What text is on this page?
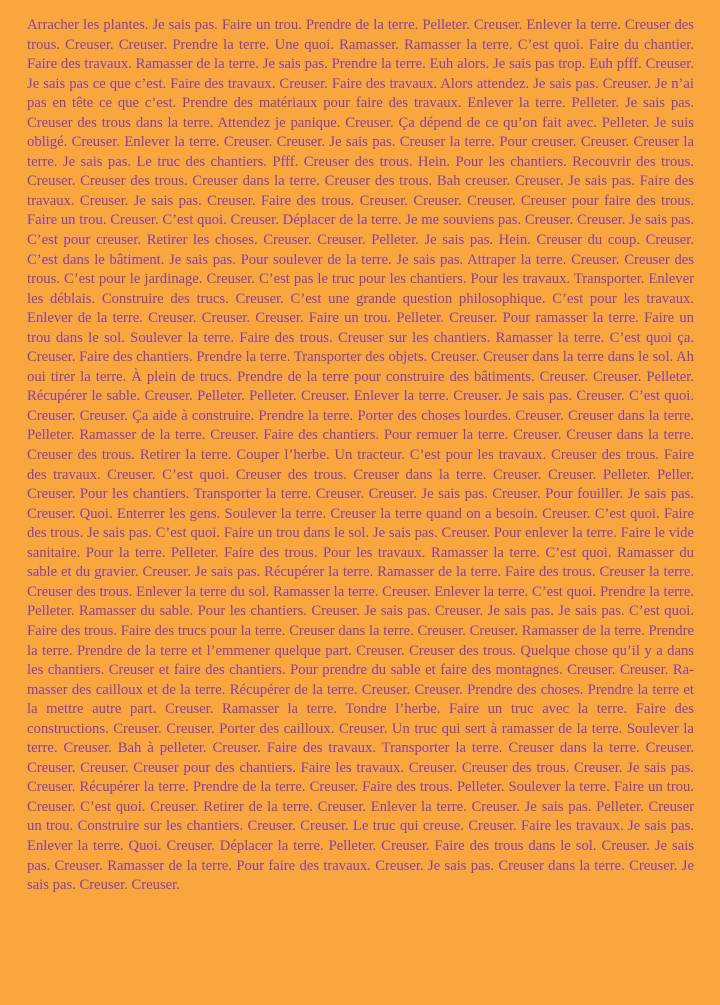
Arracher les plantes. Je sais pas. Faire un trou. Prendre de la terre. Pelleter. Creuser. Enlever la terre. Creuser des trous. Creuser. Creuser. Prendre la terre. Une quoi. Ramasser. Ramasser la terre. C’est quoi. Faire du chantier. Faire des travaux. Ramasser de la terre. Je sais pas. Prendre la terre. Euh alors. Je sais pas trop. Euh pfff. Creuser. Je sais pas ce que c’est. Faire des travaux. Creuser. Faire des travaux. Alors attendez. Je sais pas. Creuser. Je n’ai pas en tête ce que c’est. Prendre des matériaux pour faire des travaux. Enlever la terre. Pelleter. Je sais pas. Creuser des trous dans la terre. Attendez je panique. Creuser. Ça dépend de ce qu’on fait avec. Pelleter. Je suis obligé. Creuser. Enlever la terre. Creuser. Creuser. Je sais pas. Creuser la terre. Pour creuser. Creuser. Creuser la terre. Je sais pas. Le truc des chantiers. Pfff. Creuser des trous. Hein. Pour les chantiers. Recouvrir des trous. Creuser. Creuser des trous. Creuser dans la terre. Creuser des trous. Bah creuser. Creuser. Je sais pas. Faire des travaux. Creuser. Je sais pas. Creuser. Faire des trous. Creuser. Creuser. Creuser. Creuser pour faire des trous. Faire un trou. Creuser. C’est quoi. Creuser. Déplacer de la terre. Je me souviens pas. Creuser. Creuser. Je sais pas. C’est pour creuser. Retirer les choses. Creuser. Creuser. Pelleter. Je sais pas. Hein. Creuser du coup. Creuser. C’est dans le bâtiment. Je sais pas. Pour soulever de la terre. Je sais pas. Attraper la terre. Creuser. Creuser des trous. C’est pour le jardinage. Creuser. C’est pas le truc pour les chantiers. Pour les travaux. Transporter. Enlever les déblais. Construire des trucs. Creuser. C’est une grande question philosophique. C’est pour les travaux. Enlever de la terre. Creuser. Creuser. Creuser. Faire un trou. Pelleter. Creuser. Pour ramasser la terre. Faire un trou dans le sol. Soulever la terre. Faire des trous. Creuser sur les chantiers. Ramasser la terre. C’est quoi ça. Creuser. Faire des chantiers. Prendre la terre. Transporter des objets. Creuser. Creuser dans la terre dans le sol. Ah oui tirer la terre. À plein de trucs. Prendre de la terre pour construire des bâtiments. Creuser. Creuser. Pelleter. Récupérer le sable. Creuser. Pelleter. Pelleter. Creuser. Enlever la terre. Creuser. Je sais pas. Creuser. C’est quoi. Creuser. Creuser. Ça aide à construire. Prendre la terre. Porter des choses lourdes. Creuser. Creuser dans la terre. Pelleter. Ramasser de la terre. Creuser. Faire des chantiers. Pour remuer la terre. Creuser. Creuser dans la terre. Creuser des trous. Retirer la terre. Couper l’herbe. Un tracteur. C’est pour les travaux. Creuser des trous. Faire des travaux. Creuser. C’est quoi. Creuser des trous. Creuser dans la terre. Creuser. Creuser. Pelleter. Peller. Creuser. Pour les chantiers. Transporter la terre. Creuser. Creuser. Je sais pas. Creuser. Pour fouiller. Je sais pas. Creuser. Quoi. Enterrer les gens. Soulever la terre. Creuser la terre quand on a besoin. Creuser. C’est quoi. Faire des trous. Je sais pas. C’est quoi. Faire un trou dans le sol. Je sais pas. Creuser. Pour enlever la terre. Faire le vide sanitaire. Pour la terre. Pelleter. Faire des trous. Pour les travaux. Ramasser la terre. C’est quoi. Ramasser du sable et du gravier. Creuser. Je sais pas. Récupérer la terre. Ramasser de la terre. Faire des trous. Creuser la terre. Creuser des trous. Enlever la terre du sol. Ramasser la terre. Creuser. Enlever la terre. C’est quoi. Prendre la terre. Pelleter. Ramasser du sable. Pour les chantiers. Creuser. Je sais pas. Creuser. Je sais pas. Je sais pas. C’est quoi. Faire des trous. Faire des trucs pour la terre. Creuser dans la terre. Creuser. Creuser. Ramasser de la terre. Prendre la terre. Prendre de la terre et l’emmener quelque part. Creuser. Creuser des trous. Quelque chose qu’il y a dans les chantiers. Creuser et faire des chantiers. Pour prendre du sable et faire des montagnes. Creuser. Creuser. Ramasser des cailloux et de la terre. Récupérer de la terre. Creuser. Creuser. Prendre des choses. Prendre la terre et la mettre autre part. Creuser. Ramasser la terre. Tondre l’herbe. Faire un truc avec la terre. Faire des constructions. Creuser. Creuser. Porter des cailloux. Creuser. Un truc qui sert à ramasser de la terre. Soulever la terre. Creuser. Bah à pelleter. Creuser. Faire des travaux. Transporter la terre. Creuser dans la terre. Creuser. Creuser. Creuser. Creuser pour des chantiers. Faire les travaux. Creuser. Creuser des trous. Creuser. Je sais pas. Creuser. Récupérer la terre. Prendre de la terre. Creuser. Faire des trous. Pelleter. Soulever la terre. Faire un trou. Creuser. C’est quoi. Creuser. Retirer de la terre. Creuser. Enlever la terre. Creuser. Je sais pas. Pelleter. Creuser un trou. Construire sur les chantiers. Creuser. Creuser. Le truc qui creuse. Creuser. Faire les travaux. Je sais pas. Enlever la terre. Quoi. Creuser. Déplacer la terre. Pelleter. Creuser. Faire des trous dans le sol. Creuser. Je sais pas. Creuser. Ramasser de la terre. Pour faire des travaux. Creuser. Je sais pas. Creuser dans la terre. Creuser. Je sais pas. Creuser. Creuser.
